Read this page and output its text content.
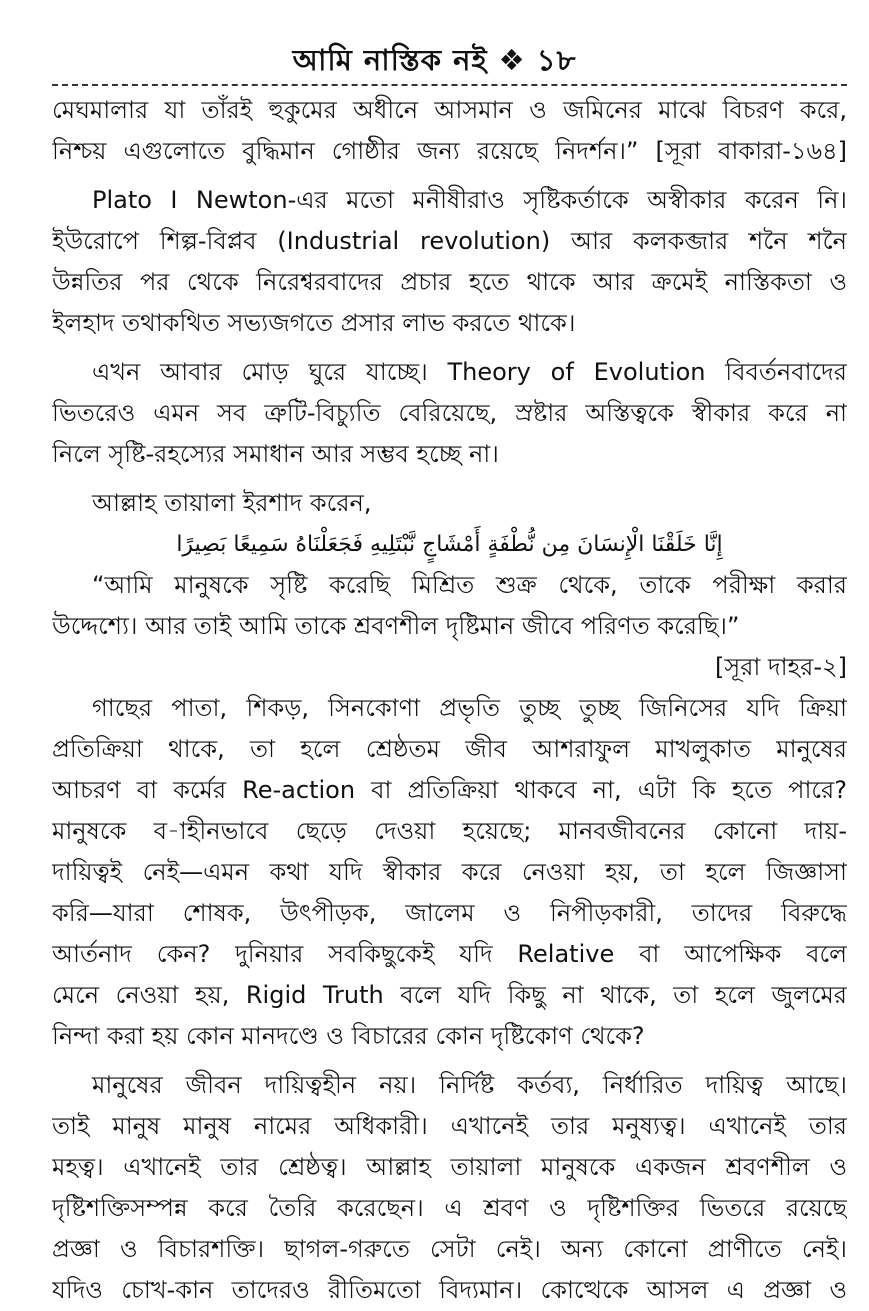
আমি নাস্তিক নই ❖ ১৮
মেঘমালার যা তাঁরই হুকুমের অধীনে আসমান ও জমিনের মাঝে বিচরণ করে,
নিশ্চয় এগুলোতে বুদ্ধিমান গোষ্ঠীর জন্য রয়েছে নিদর্শন।” [সূরা বাকারা-১৬৪]
Plato I Newton-এর মতো মনীষীরাও সৃষ্টিকর্তাকে অস্বীকার করেন নি।
ইউরোপে শিল্প-বিপ্লব (Industrial revolution) আর কলকব্জার শনৈ শনৈ
উন্নতির পর থেকে নিরেশ্বরবাদের প্রচার হতে থাকে আর ক্রমেই নাস্তিকতা ও
ইলহাদ তথাকথিত সভ্যজগতে প্রসার লাভ করতে থাকে।
এখন আবার মোড় ঘুরে যাচ্ছে। Theory of Evolution বিবর্তনবাদের
ভিতরেও এমন সব ত্রুটি-বিচ্যুতি বেরিয়েছে, স্রষ্টার অস্তিত্বকে স্বীকার করে না
নিলে সৃষ্টি-রহস্যের সমাধান আর সম্ভব হচ্ছে না।
আল্লাহ তায়ালা ইরশাদ করেন,
إِنَّا خَلَقْنَا الْإِنسَانَ مِن نُّطْفَةٍ أَمْشَاجٍ نَّبْتَلِيهِ فَجَعَلْنَاهُ سَمِيعًا بَصِيرًا
“আমি মানুষকে সৃষ্টি করেছি মিশ্রিত শুক্র থেকে, তাকে পরীক্ষা করার
উদ্দেশ্যে। আর তাই আমি তাকে শ্রবণশীল দৃষ্টিমান জীবে পরিণত করেছি।”
[সূরা দাহর-২]
গাছের পাতা, শিকড়, সিনকোণা প্রভৃতি তুচ্ছ তুচ্ছ জিনিসের যদি ক্রিয়া
প্রতিক্রিয়া থাকে, তা হলে শ্রেষ্ঠতম জীব আশরাফুল মাখলুকাত মানুষের
আচরণ বা কর্মের Re-action বা প্রতিক্রিয়া থাকবে না, এটা কি হতে পারে?
মানুষকে ব-াহীনভাবে ছেড়ে দেওয়া হয়েছে; মানবজীবনের কোনো দায়-
দায়িত্বই নেই—এমন কথা যদি স্বীকার করে নেওয়া হয়, তা হলে জিজ্ঞাসা
করি—যারা শোষক, উৎপীড়ক, জালেম ও নিপীড়কারী, তাদের বিরুদ্ধে
আর্তনাদ কেন? দুনিয়ার সবকিছুকেই যদি Relative বা আপেক্ষিক বলে
মেনে নেওয়া হয়, Rigid Truth বলে যদি কিছু না থাকে, তা হলে জুলমের
নিন্দা করা হয় কোন মানদণ্ডে ও বিচারের কোন দৃষ্টিকোণ থেকে?
মানুষের জীবন দায়িত্বহীন নয়। নির্দিষ্ট কর্তব্য, নির্ধারিত দায়িত্ব আছে।
তাই মানুষ মানুষ নামের অধিকারী। এখানেই তার মনুষ্যত্ব। এখানেই তার
মহত্ব। এখানেই তার শ্রেষ্ঠত্ব। আল্লাহ তায়ালা মানুষকে একজন শ্রবণশীল ও
দৃষ্টিশক্তিসম্পন্ন করে তৈরি করেছেন। এ শ্রবণ ও দৃষ্টিশক্তির ভিতরে রয়েছে
প্রজ্ঞা ও বিচারশক্তি। ছাগল-গরুতে সেটা নেই। অন্য কোনো প্রাণীতে নেই।
যদিও চোখ-কান তাদেরও রীতিমতো বিদ্যমান। কোত্থেকে আসল এ প্রজ্ঞা ও
